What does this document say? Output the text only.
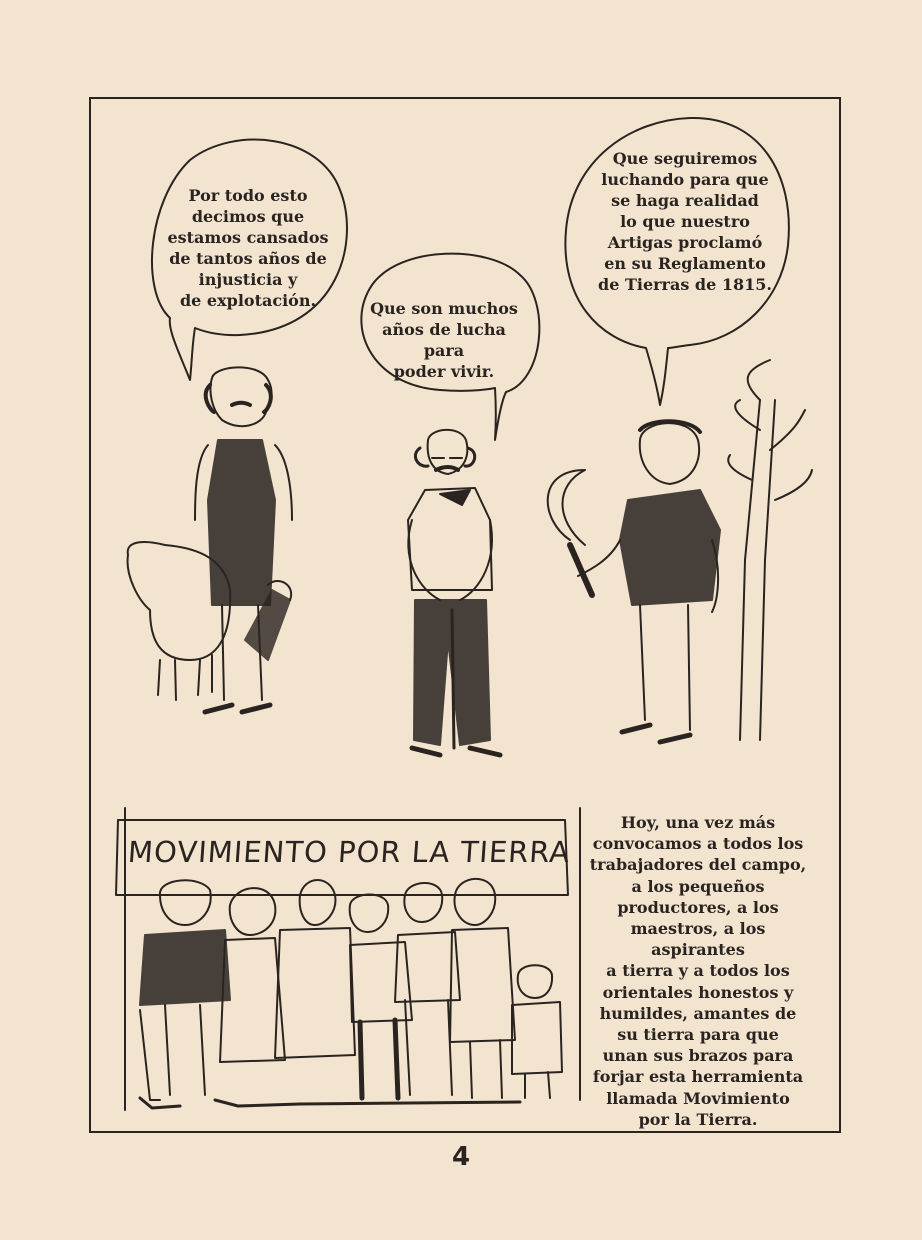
Por todo esto
decimos que
estamos cansados
de tantos años de
injusticia y
de explotación.	Que son muchos
años de lucha para
poder vivir.
Que seguiremos
luchando para que
se haga realidad
lo que nuestro
Artigas proclamó
en su Reglamento
de Tierras de 1815.
MOVIMIENTO POR LA TIERRA
Hoy, una vez más
convocamos a todos los
trabajadores del campo,
a los pequeños
productores, a los
maestros, a los aspirantes
a tierra y a todos los
orientales honestos y
humildes, amantes de
su tierra para que
unan sus brazos para
forjar esta herramienta
llamada Movimiento
por la Tierra.
4
